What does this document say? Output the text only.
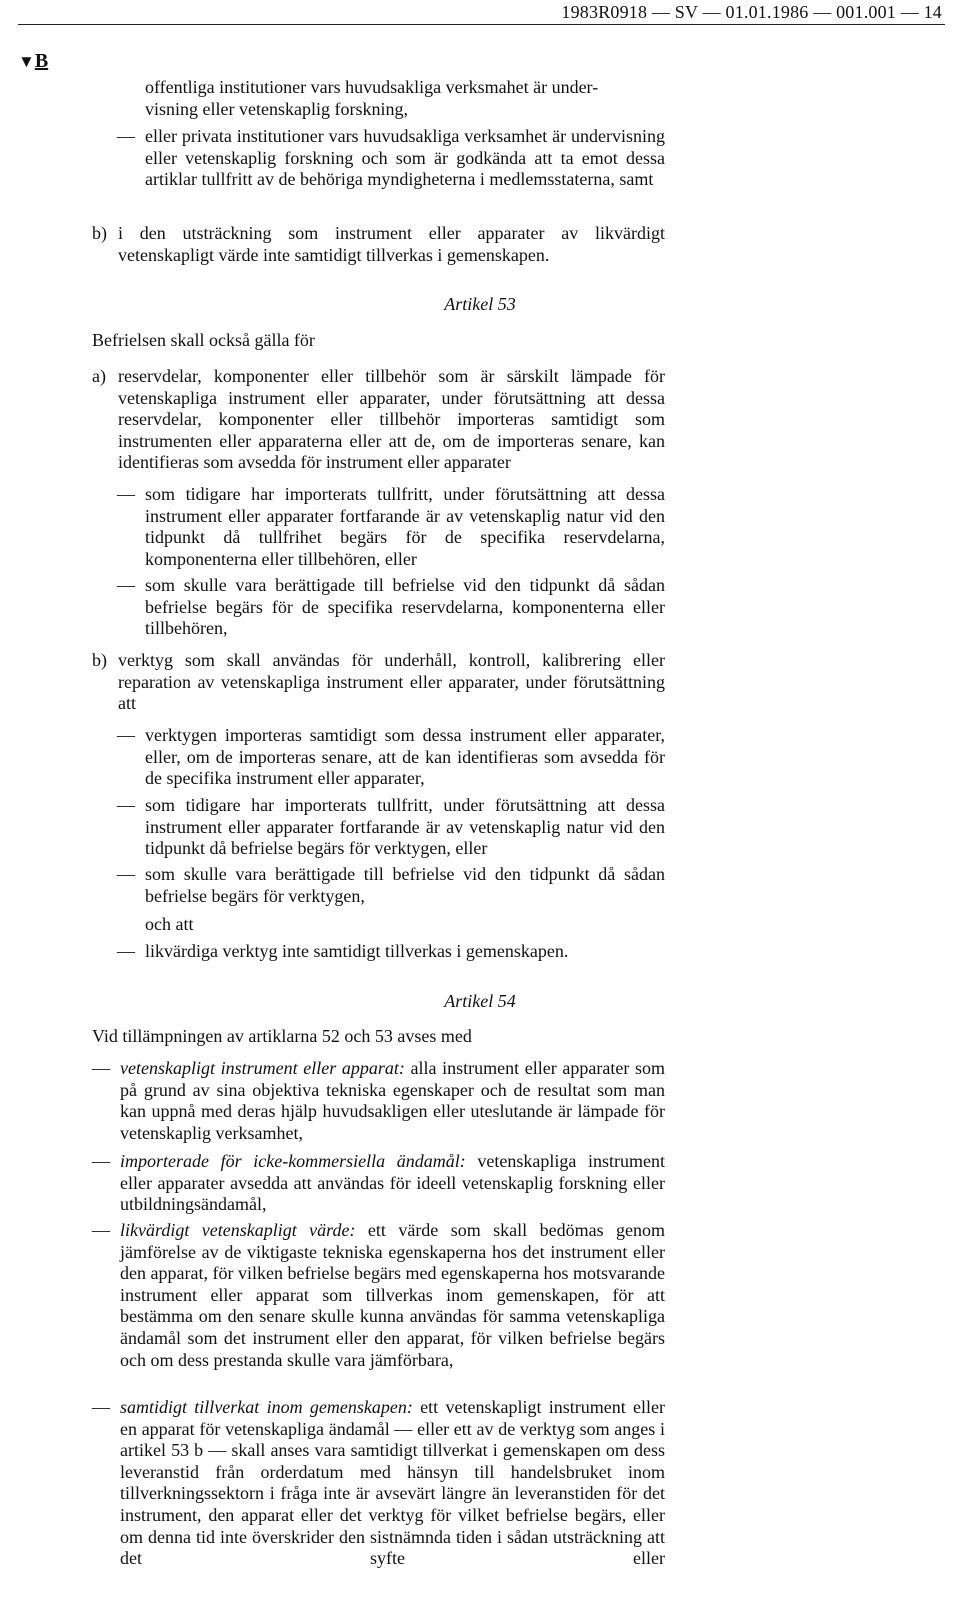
1983R0918 — SV — 01.01.1986 — 001.001 — 14
▼B
offentliga institutioner vars huvudsakliga verksmahet är under-
visning eller vetenskaplig forskning,
— eller privata institutioner vars huvudsakliga verksamhet är undervisning eller vetenskaplig forskning och som är godkända att ta emot dessa artiklar tullfritt av de behöriga myndigheterna i medlemsstaterna, samt
b) i den utsträckning som instrument eller apparater av likvärdigt vetenskapligt värde inte samtidigt tillverkas i gemenskapen.
Artikel 53
Befrielsen skall också gälla för
a) reservdelar, komponenter eller tillbehör som är särskilt lämpade för vetenskapliga instrument eller apparater, under förutsättning att dessa reservdelar, komponenter eller tillbehör importeras samtidigt som instrumenten eller apparaterna eller att de, om de importeras senare, kan identifieras som avsedda för instrument eller apparater
— som tidigare har importerats tullfritt, under förutsättning att dessa instrument eller apparater fortfarande är av vetenskaplig natur vid den tidpunkt då tullfrihet begärs för de specifika reservdelarna, komponenterna eller tillbehören, eller
— som skulle vara berättigade till befrielse vid den tidpunkt då sådan befrielse begärs för de specifika reservdelarna, komponenterna eller tillbehören,
b) verktyg som skall användas för underhåll, kontroll, kalibrering eller reparation av vetenskapliga instrument eller apparater, under förutsättning att
— verktygen importeras samtidigt som dessa instrument eller apparater, eller, om de importeras senare, att de kan identifieras som avsedda för de specifika instrument eller apparater,
— som tidigare har importerats tullfritt, under förutsättning att dessa instrument eller apparater fortfarande är av vetenskaplig natur vid den tidpunkt då befrielse begärs för verktygen, eller
— som skulle vara berättigade till befrielse vid den tidpunkt då sådan befrielse begärs för verktygen,
och att
— likvärdiga verktyg inte samtidigt tillverkas i gemenskapen.
Artikel 54
Vid tillämpningen av artiklarna 52 och 53 avses med
— vetenskapligt instrument eller apparat: alla instrument eller apparater som på grund av sina objektiva tekniska egenskaper och de resultat som man kan uppnå med deras hjälp huvudsakligen eller uteslutande är lämpade för vetenskaplig verksamhet,
— importerade för icke-kommersiella ändamål: vetenskapliga instrument eller apparater avsedda att användas för ideell vetenskaplig forskning eller utbildningsändamål,
— likvärdigt vetenskapligt värde: ett värde som skall bedömas genom jämförelse av de viktigaste tekniska egenskaperna hos det instrument eller den apparat, för vilken befrielse begärs med egenskaperna hos motsvarande instrument eller apparat som tillverkas inom gemenskapen, för att bestämma om den senare skulle kunna användas för samma vetenskapliga ändamål som det instrument eller den apparat, för vilken befrielse begärs och om dess prestanda skulle vara jämförbara,
— samtidigt tillverkat inom gemenskapen: ett vetenskapligt instrument eller en apparat för vetenskapliga ändamål — eller ett av de verktyg som anges i artikel 53 b — skall anses vara samtidigt tillverkat i gemenskapen om dess leveranstid från orderdatum med hänsyn till handelsbruket inom tillverkningssektorn i fråga inte är avsevärt längre än leveranstiden för det instrument, den apparat eller det verktyg för vilket befrielse begärs, eller om denna tid inte överskrider den sistnämnda tiden i sådan utsträckning att det syfte eller
